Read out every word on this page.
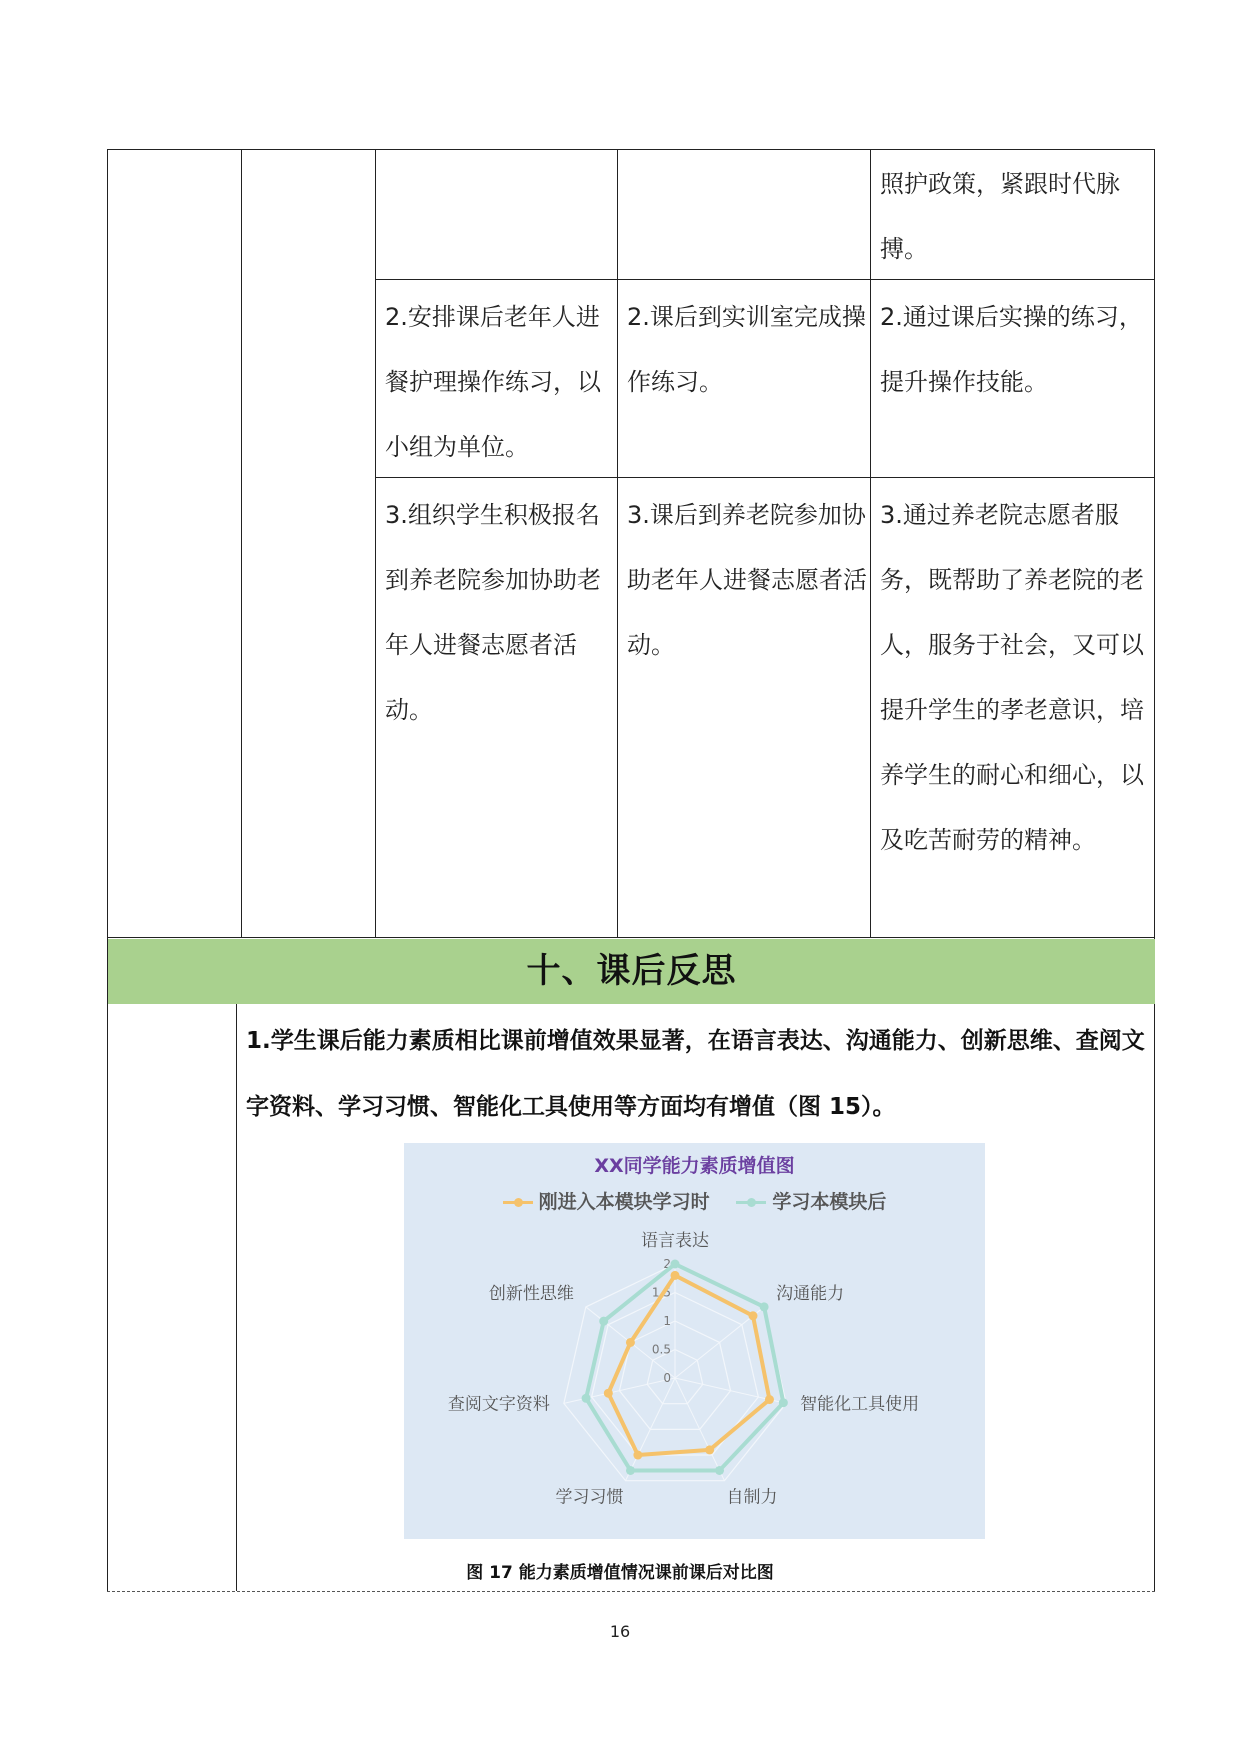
照护政策，紧跟时代脉搏。
2.安排课后老年人进餐护理操作练习，以小组为单位。
2.课后到实训室完成操作练习。
2.通过课后实操的练习，提升操作技能。
3.组织学生积极报名到养老院参加协助老年人进餐志愿者活动。
3.课后到养老院参加协助老年人进餐志愿者活动。
3.通过养老院志愿者服务，既帮助了养老院的老人，服务于社会，又可以提升学生的孝老意识，培养学生的耐心和细心，以及吃苦耐劳的精神。
十、课后反思
1.学生课后能力素质相比课前增值效果显著，在语言表达、沟通能力、创新思维、查阅文字资料、学习习惯、智能化工具使用等方面均有增值（图 15）。
XX同学能力素质增值图
刚进入本模块学习时	学习本模块后
0
0.5
1
1.5
2
语言表达
沟通能力
智能化工具使用
自制力
学习习惯
查阅文字资料
创新性思维
图 17 能力素质增值情况课前课后对比图
16
